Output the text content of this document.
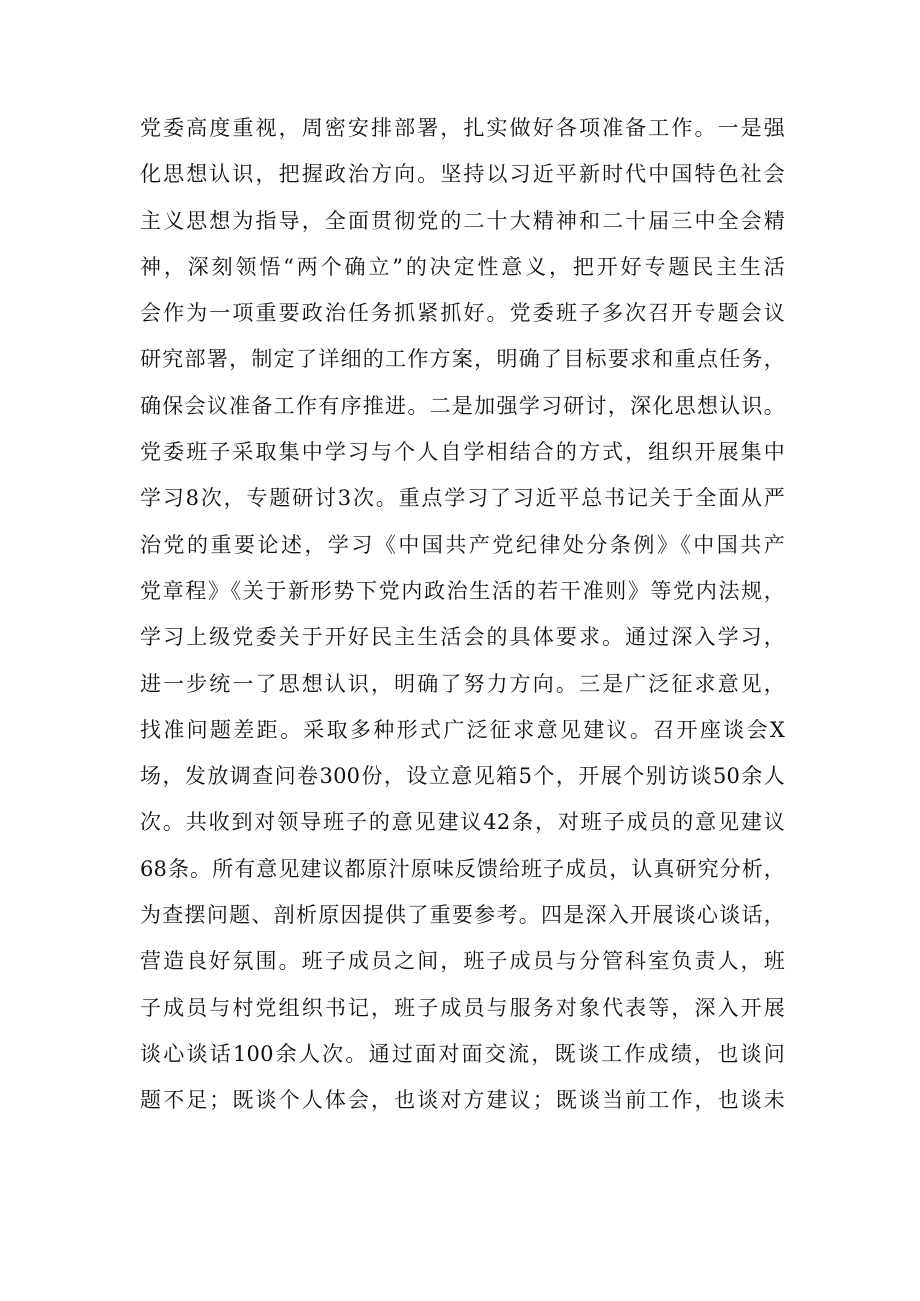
党委高度重视，周密安排部署，扎实做好各项准备工作。一是强
化思想认识，把握政治方向。坚持以习近平新时代中国特色社会
主义思想为指导，全面贯彻党的二十大精神和二十届三中全会精
神，深刻领悟“两个确立”的决定性意义，把开好专题民主生活
会作为一项重要政治任务抓紧抓好。党委班子多次召开专题会议
研究部署，制定了详细的工作方案，明确了目标要求和重点任务，
确保会议准备工作有序推进。二是加强学习研讨，深化思想认识。
党委班子采取集中学习与个人自学相结合的方式，组织开展集中
学习8次，专题研讨3次。重点学习了习近平总书记关于全面从严
治党的重要论述，学习《中国共产党纪律处分条例》《中国共产
党章程》《关于新形势下党内政治生活的若干准则》等党内法规，
学习上级党委关于开好民主生活会的具体要求。通过深入学习，
进一步统一了思想认识，明确了努力方向。三是广泛征求意见，
找准问题差距。采取多种形式广泛征求意见建议。召开座谈会X
场，发放调查问卷300份，设立意见箱5个，开展个别访谈50余人
次。共收到对领导班子的意见建议42条，对班子成员的意见建议
68条。所有意见建议都原汁原味反馈给班子成员，认真研究分析，
为查摆问题、剖析原因提供了重要参考。四是深入开展谈心谈话，
营造良好氛围。班子成员之间，班子成员与分管科室负责人，班
子成员与村党组织书记，班子成员与服务对象代表等，深入开展
谈心谈话100余人次。通过面对面交流，既谈工作成绩，也谈问
题不足；既谈个人体会，也谈对方建议；既谈当前工作，也谈未
